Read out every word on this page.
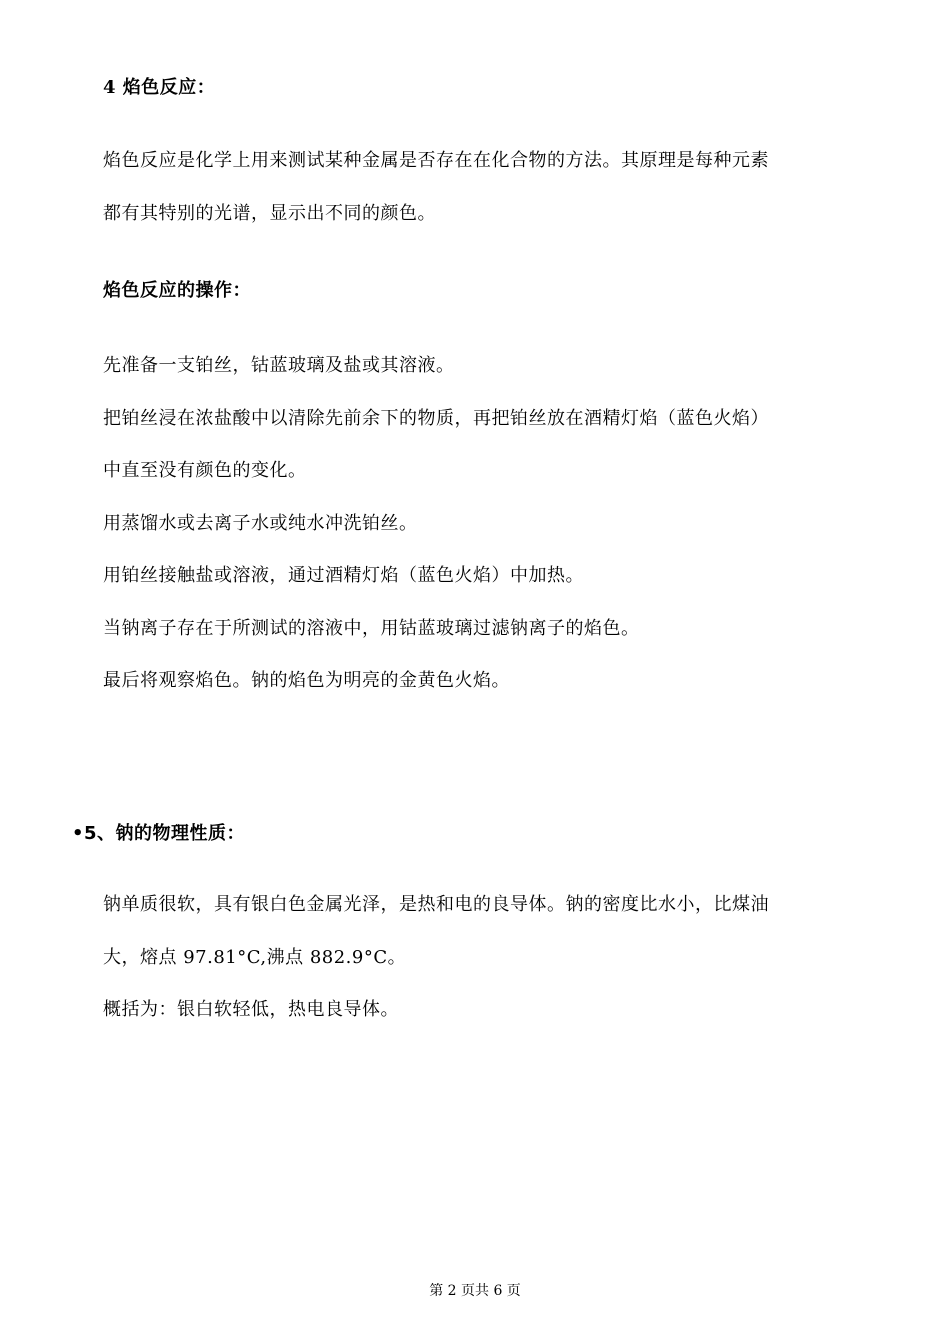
4 焰色反应：
焰色反应是化学上用来测试某种金属是否存在在化合物的方法。其原理是每种元素
都有其特别的光谱，显示出不同的颜色。
焰色反应的操作：
先准备一支铂丝，钴蓝玻璃及盐或其溶液。
把铂丝浸在浓盐酸中以清除先前余下的物质，再把铂丝放在酒精灯焰（蓝色火焰）
中直至没有颜色的变化。
用蒸馏水或去离子水或纯水冲洗铂丝。
用铂丝接触盐或溶液，通过酒精灯焰（蓝色火焰）中加热。
当钠离子存在于所测试的溶液中，用钴蓝玻璃过滤钠离子的焰色。
最后将观察焰色。钠的焰色为明亮的金黄色火焰。
•5、钠的物理性质：
钠单质很软，具有银白色金属光泽，是热和电的良导体。钠的密度比水小，比煤油
大，熔点 97.81°C,沸点 882.9°C。
概括为：银白软轻低，热电良导体。
第 2 页共 6 页
